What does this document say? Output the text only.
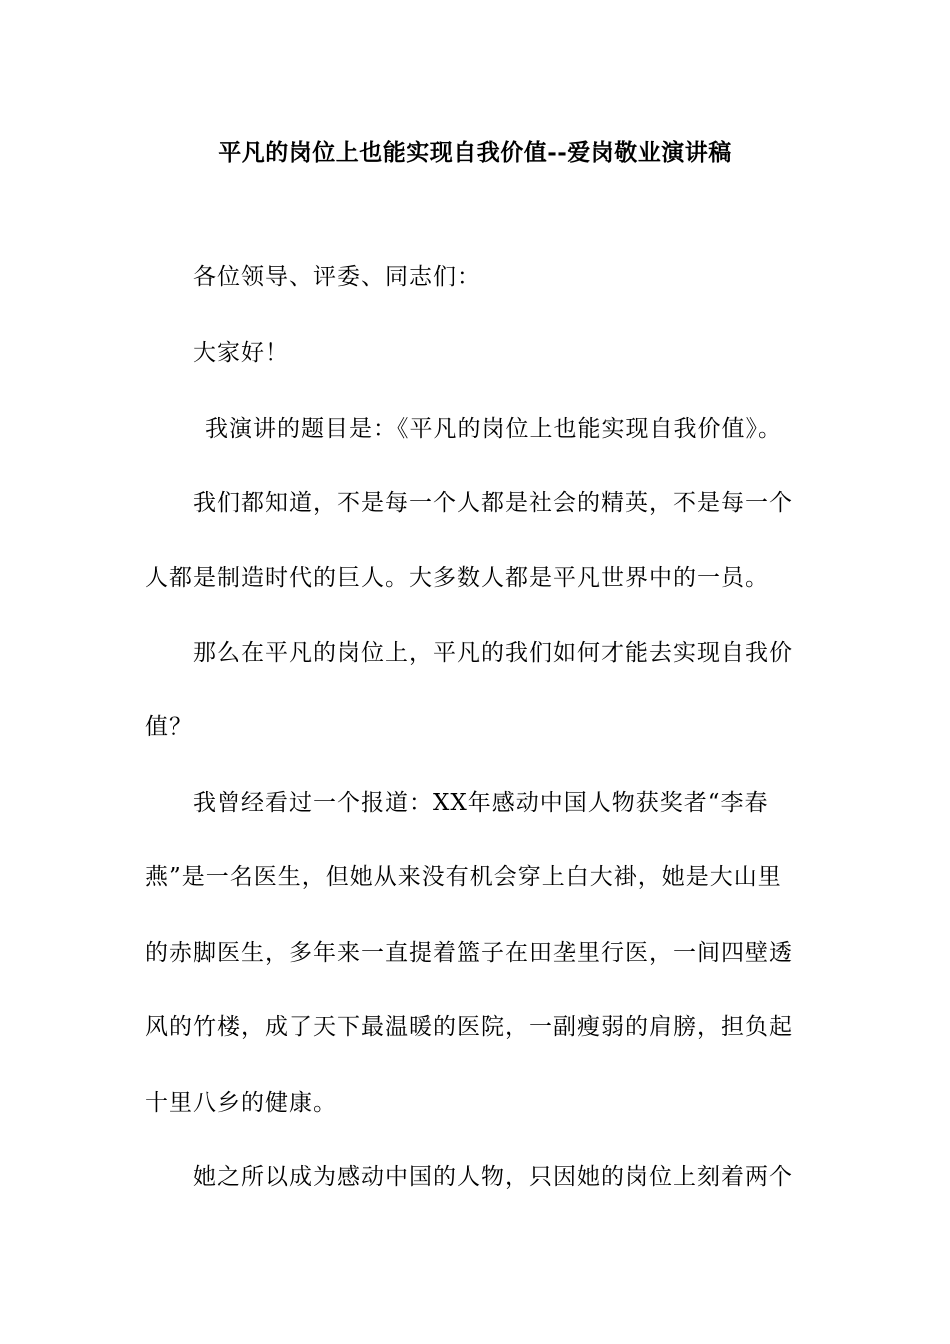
平凡的岗位上也能实现自我价值--爱岗敬业演讲稿
各位领导、评委、同志们：
大家好！
我演讲的题目是：《平凡的岗位上也能实现自我价值》。
我们都知道，不是每一个人都是社会的精英，不是每一个
人都是制造时代的巨人。大多数人都是平凡世界中的一员。
那么在平凡的岗位上，平凡的我们如何才能去实现自我价
值？
我曾经看过一个报道：XX年感动中国人物获奖者“李春
燕”是一名医生，但她从来没有机会穿上白大褂，她是大山里
的赤脚医生，多年来一直提着篮子在田垄里行医，一间四壁透
风的竹楼，成了天下最温暖的医院，一副瘦弱的肩膀，担负起
十里八乡的健康。
她之所以成为感动中国的人物，只因她的岗位上刻着两个
